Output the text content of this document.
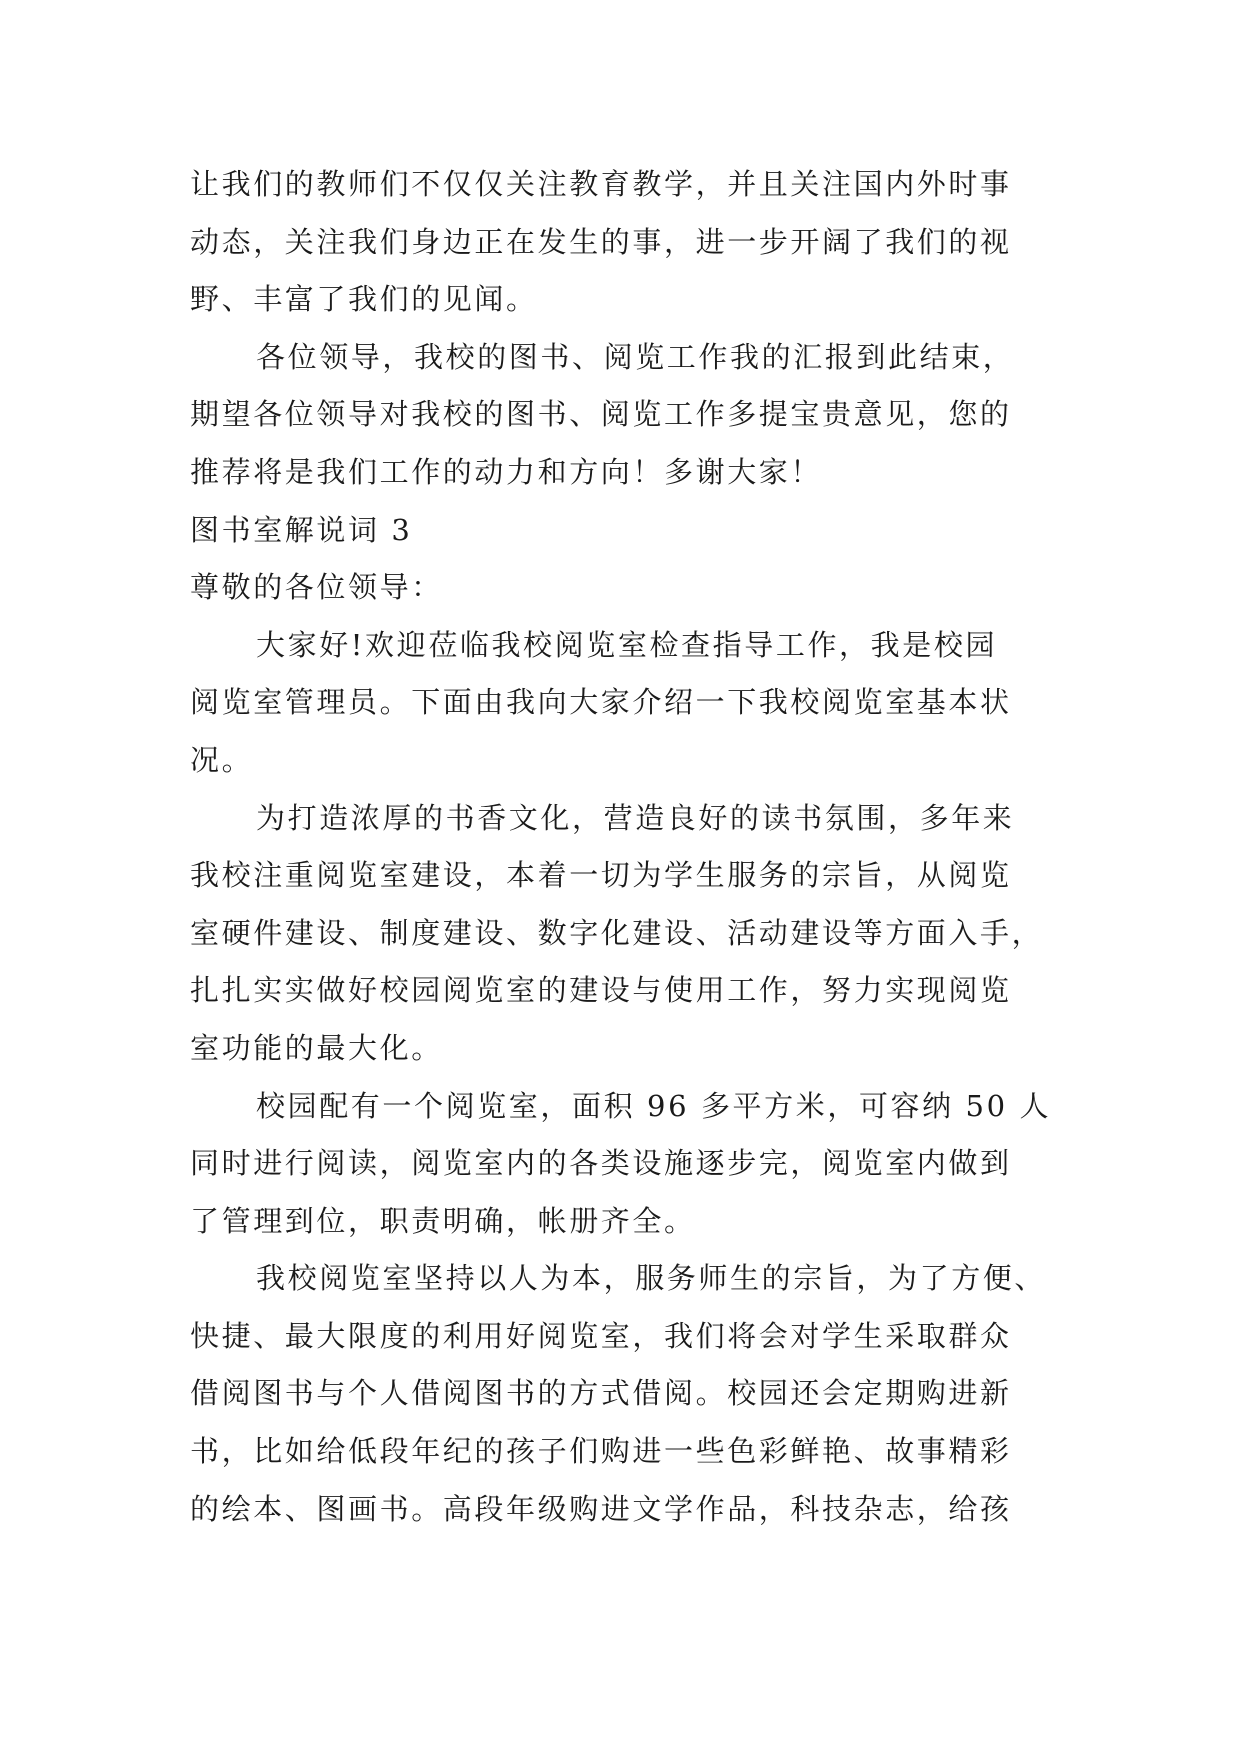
让我们的教师们不仅仅关注教育教学，并且关注国内外时事
动态，关注我们身边正在发生的事，进一步开阔了我们的视
野、丰富了我们的见闻。
各位领导，我校的图书、阅览工作我的汇报到此结束，
期望各位领导对我校的图书、阅览工作多提宝贵意见，您的
推荐将是我们工作的动力和方向！多谢大家！
图书室解说词 3
尊敬的各位领导：
大家好!欢迎莅临我校阅览室检查指导工作，我是校园
阅览室管理员。下面由我向大家介绍一下我校阅览室基本状
况。
为打造浓厚的书香文化，营造良好的读书氛围，多年来
我校注重阅览室建设，本着一切为学生服务的宗旨，从阅览
室硬件建设、制度建设、数字化建设、活动建设等方面入手，
扎扎实实做好校园阅览室的建设与使用工作，努力实现阅览
室功能的最大化。
校园配有一个阅览室，面积 96 多平方米，可容纳 50 人
同时进行阅读，阅览室内的各类设施逐步完，阅览室内做到
了管理到位，职责明确，帐册齐全。
我校阅览室坚持以人为本，服务师生的宗旨，为了方便、
快捷、最大限度的利用好阅览室，我们将会对学生采取群众
借阅图书与个人借阅图书的方式借阅。校园还会定期购进新
书，比如给低段年纪的孩子们购进一些色彩鲜艳、故事精彩
的绘本、图画书。高段年级购进文学作品，科技杂志，给孩
